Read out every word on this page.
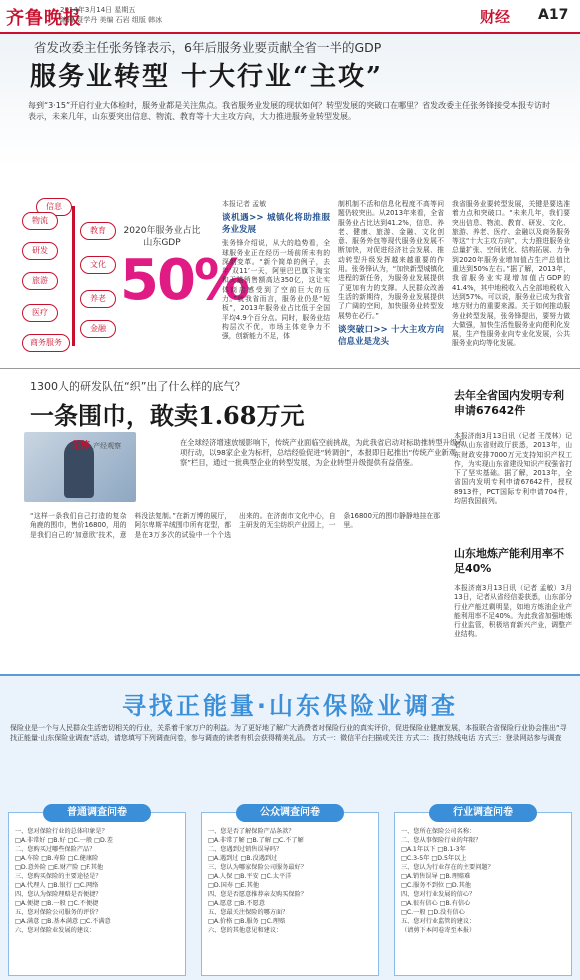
齐鲁晚报
2014年3月14日 星期五
编辑 聂学丹 美编 石岩 组版 韩冰	财经 A17
省发改委主任张务锋表示，6年后服务业要贡献全省一半的GDP
服务业转型 十大行业“主攻”
每到“3·15”开启行业大体检时，服务业都是关注焦点。我省服务业发展的现状如何？转型发展的突破口在哪里？省发改委主任张务锋接受本报专访时表示，未来几年，山东要突出信息、物流、教育等十大主攻方向，大力推进服务业转型发展。
信息
物流
教育
研发
文化
旅游
养老
医疗
金融
商务服务
2020年服务业占比山东GDP
50%
本报记者 孟敏
谈机遇>> 城镇化将助推服务业发展
张务锋介绍说，从大的趋势看，全球服务业正在经历一场前所未有的深刻变革。“新个简单的例子，去年‘双11’一天，阿里巴巴旗下淘宝和天猫销售额高达350亿，这让实体商店感受到了空前巨大的压力。”就我省而言，服务业仍是“短板”，2013年服务业占比低于全国平均4.9个百分点。同时，服务业结构层次不优，市场主体竞争力不强，创新能力不足，体
制机制不活和信息化程度不高等问题仍较突出。从2013年来看，全省服务业占比达到41.2%，信息、养老、健康、旅游、金融、文化创意、服务外包等现代服务业发展不断加快，对促进经济社会发展、推动转型升级发挥越来越重要的作用。张务锋认为，“加快新型城镇化进程的新任务，为服务业发展提供了更加有力的支撑。人民群众改善生活的新期待，为服务业发展提供了广阔的空间，加快服务业转型发展势在必行。”
谈突破口>> 十大主攻方向 信息业是龙头
我省服务业要转型发展，关键是要选准着力点和突破口。“未来几年，我们要突出信息、物流、教育、研发、文化、旅游、养老、医疗、金融以及商务服务等这“十大主攻方向”，大力推进服务业总量扩张、空间优化、结构拓展、力争到2020年服务业增加值占生产总值比重达到50%左右。”据了解，2013年，我省服务业实现增加值占GDP的41.4%，其中地税收入占全部地税收入达到57%。可以说，服务业已成为我省地方财力的重要来源。关于如何推动服务业转型发展，张务锋提出，要努力做大做强，加快生活性服务业向便利化发展，生产性服务业向专业化发展，公共服务业向均等化发展。
1300人的研发队伍“织”出了什么样的底气？
一条围巾，敢卖1.68万元
绍栋 产经观察	在全球经济增速放缓影响下，传统产业面临空前挑战，为此我省启动对标助推转型升级专项行动，以98家企业为标杆，总结经验促进“转调创”，本报即日起推出“传统产业新观察”栏目，通过一批典型企业的转型发展，为企业转型升级提供有益借鉴。
“这样一条我们自己打造的复杂角鹿的围巾，售价16800，用的是我们自己的‘加意欧’技术，意料没法复制。”在新万博的展厅，阿尔卑斯羊绒围巾所有花型，都是在3万多次的试验中一个个选出来的。在济南市文化中心，自主研发的无尘纺织产业园上，一条16800元的围巾静静地挂在那里。
去年全省国内发明专利申请67642件
本报济南3月13日讯（记者 王茂林）记者从山东省财政厅获悉，2013年，山东财政安排7000万元支持知识产权工作，为实现山东省建设知识产权强省打下了坚实基础。据了解，2013年，全省国内发明专利申请67642件，授权8913件，PCT国际专利申请704件，均居我国前列。
山东地炼产能利用率不足40%
本报济南3月13日讯（记者 孟敏）3月13日，记者从省经信委获悉，山东部分行业产能过剩明显，如地方炼油企业产能利用率不足40%。为此我省加强地炼行业监管，积极培育新兴产业，调整产业结构。
寻找正能量·山东保险业调查
保险业是一个与人民群众生活密切相关的行业，关系着千家万户的利益。为了更好地了解广大消费者对保险行业的真实评价，促进保险业健康发展，本报联合省保险行业协会推出“寻找正能量·山东保险业调查”活动，请您填写下列调查问卷，参与调查的读者有机会获得精美礼品。 方式一：微信平台扫描或关注 方式二：拨打热线电话 方式三：登录网站参与调查
普通调查问卷
一、您对保险行业的总体印象是？
□A.非常好 □B.好 □C.一般 □D.差
二、您购买过哪些保险产品？
□A.车险 □B.寿险 □C.健康险
□D.意外险 □E.财产险 □F.其他
三、您购买保险的主要途径是？
□A.代理人 □B.银行 □C.网络
四、您认为保险理赔是否便捷？
□A.便捷 □B.一般 □C.不便捷
五、您对保险公司服务的评价？
□A.满意 □B.基本满意 □C.不满意
六、您对保险业发展的建议：
公众调查问卷
一、您是否了解保险产品条款？
□A.非常了解 □B.了解 □C.不了解
二、您遇到过销售误导吗？
□A.遇到过 □B.没遇到过
三、您认为哪家保险公司服务最好？
□A.人保 □B.平安 □C.太平洋
□D.国寿 □E.其他
四、您是否愿意推荐亲友购买保险？
□A.愿意 □B.不愿意
五、您最关注保险的哪方面？
□A.价格 □B.服务 □C.理赔
六、您的其他意见和建议：
行业调查问卷
一、您所在保险公司名称：
二、您从事保险行业的年限？
□A.1年以下 □B.1-3年
□C.3-5年 □D.5年以上
三、您认为行业存在的主要问题？
□A.销售误导 □B.理赔难
□C.服务不到位 □D.其他
四、您对行业发展的信心？
□A.很有信心 □B.有信心
□C.一般 □D.没有信心
五、您对行业监管的建议：
（请剪下本问卷寄至本报）
